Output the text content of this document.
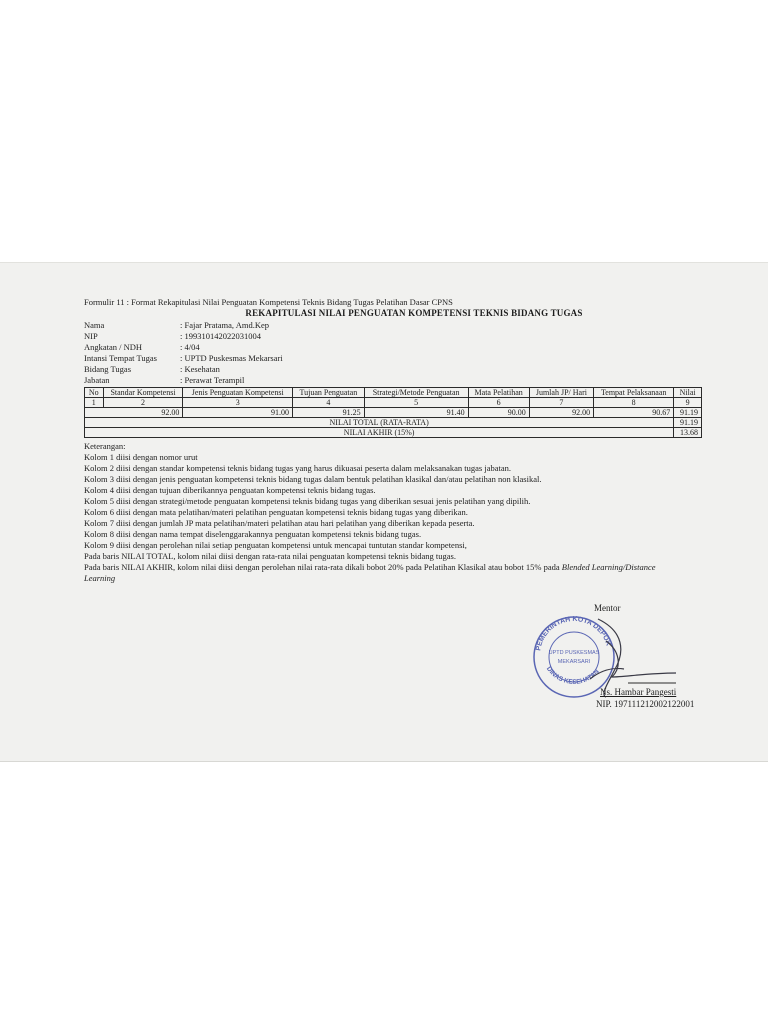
Formulir 11 : Format Rekapitulasi Nilai Penguatan Kompetensi Teknis Bidang Tugas Pelatihan Dasar CPNS
REKAPITULASI NILAI PENGUATAN KOMPETENSI TEKNIS BIDANG TUGAS
Nama	: Fajar Pratama, Amd.Kep
NIP	: 199310142022031004
Angkatan / NDH	: 4/04
Intansi Tempat Tugas	: UPTD Puskesmas Mekarsari
Bidang Tugas	: Kesehatan
Jabatan	: Perawat Terampil
No	Standar Kompetensi	Jenis Penguatan Kompetensi	Tujuan Penguatan	Strategi/Metode Penguatan	Mata Pelatihan	Jumlah JP/ Hari	Tempat Pelaksanaan	Nilai
1	2	3	4	5	6	7	8	9
92.00		91.00	91.25	91.40	90.00	92.00	90.67	91.19
NILAI TOTAL (RATA-RATA)								91.19
NILAI AKHIR (15%)								13.68
Keterangan:
Kolom 1 diisi dengan nomor urut
Kolom 2 diisi dengan standar kompetensi teknis bidang tugas yang harus dikuasai peserta dalam melaksanakan tugas jabatan.
Kolom 3 diisi dengan jenis penguatan kompetensi teknis bidang tugas dalam bentuk pelatihan klasikal dan/atau pelatihan non klasikal.
Kolom 4 diisi dengan tujuan diberikannya penguatan kompetensi teknis bidang tugas.
Kolom 5 diisi dengan strategi/metode penguatan kompetensi teknis bidang tugas yang diberikan sesuai jenis pelatihan yang dipilih.
Kolom 6 diisi dengan mata pelatihan/materi pelatihan penguatan kompetensi teknis bidang tugas yang diberikan.
Kolom 7 diisi dengan jumlah JP mata pelatihan/materi pelatihan atau hari pelatihan yang diberikan kepada peserta.
Kolom 8 diisi dengan nama tempat diselenggarakannya penguatan kompetensi teknis bidang tugas.
Kolom 9 diisi dengan perolehan nilai setiap penguatan kompetensi untuk mencapai tuntutan standar kompetensi,
Pada baris NILAI TOTAL, kolom nilai diisi dengan rata-rata nilai penguatan kompetensi teknis bidang tugas.
Pada baris NILAI AKHIR, kolom nilai diisi dengan perolehan nilai rata-rata dikali bobot 20% pada Pelatihan Klasikal atau bobot 15% pada Blended Learning/Distance
Learning
Mentor
PEMERINTAH KOTA DEPOK
UPTD PUSKESMAS
MEKARSARI
DINAS KESEHATAN
Ns. Hambar Pangesti
NIP. 197111212002122001
